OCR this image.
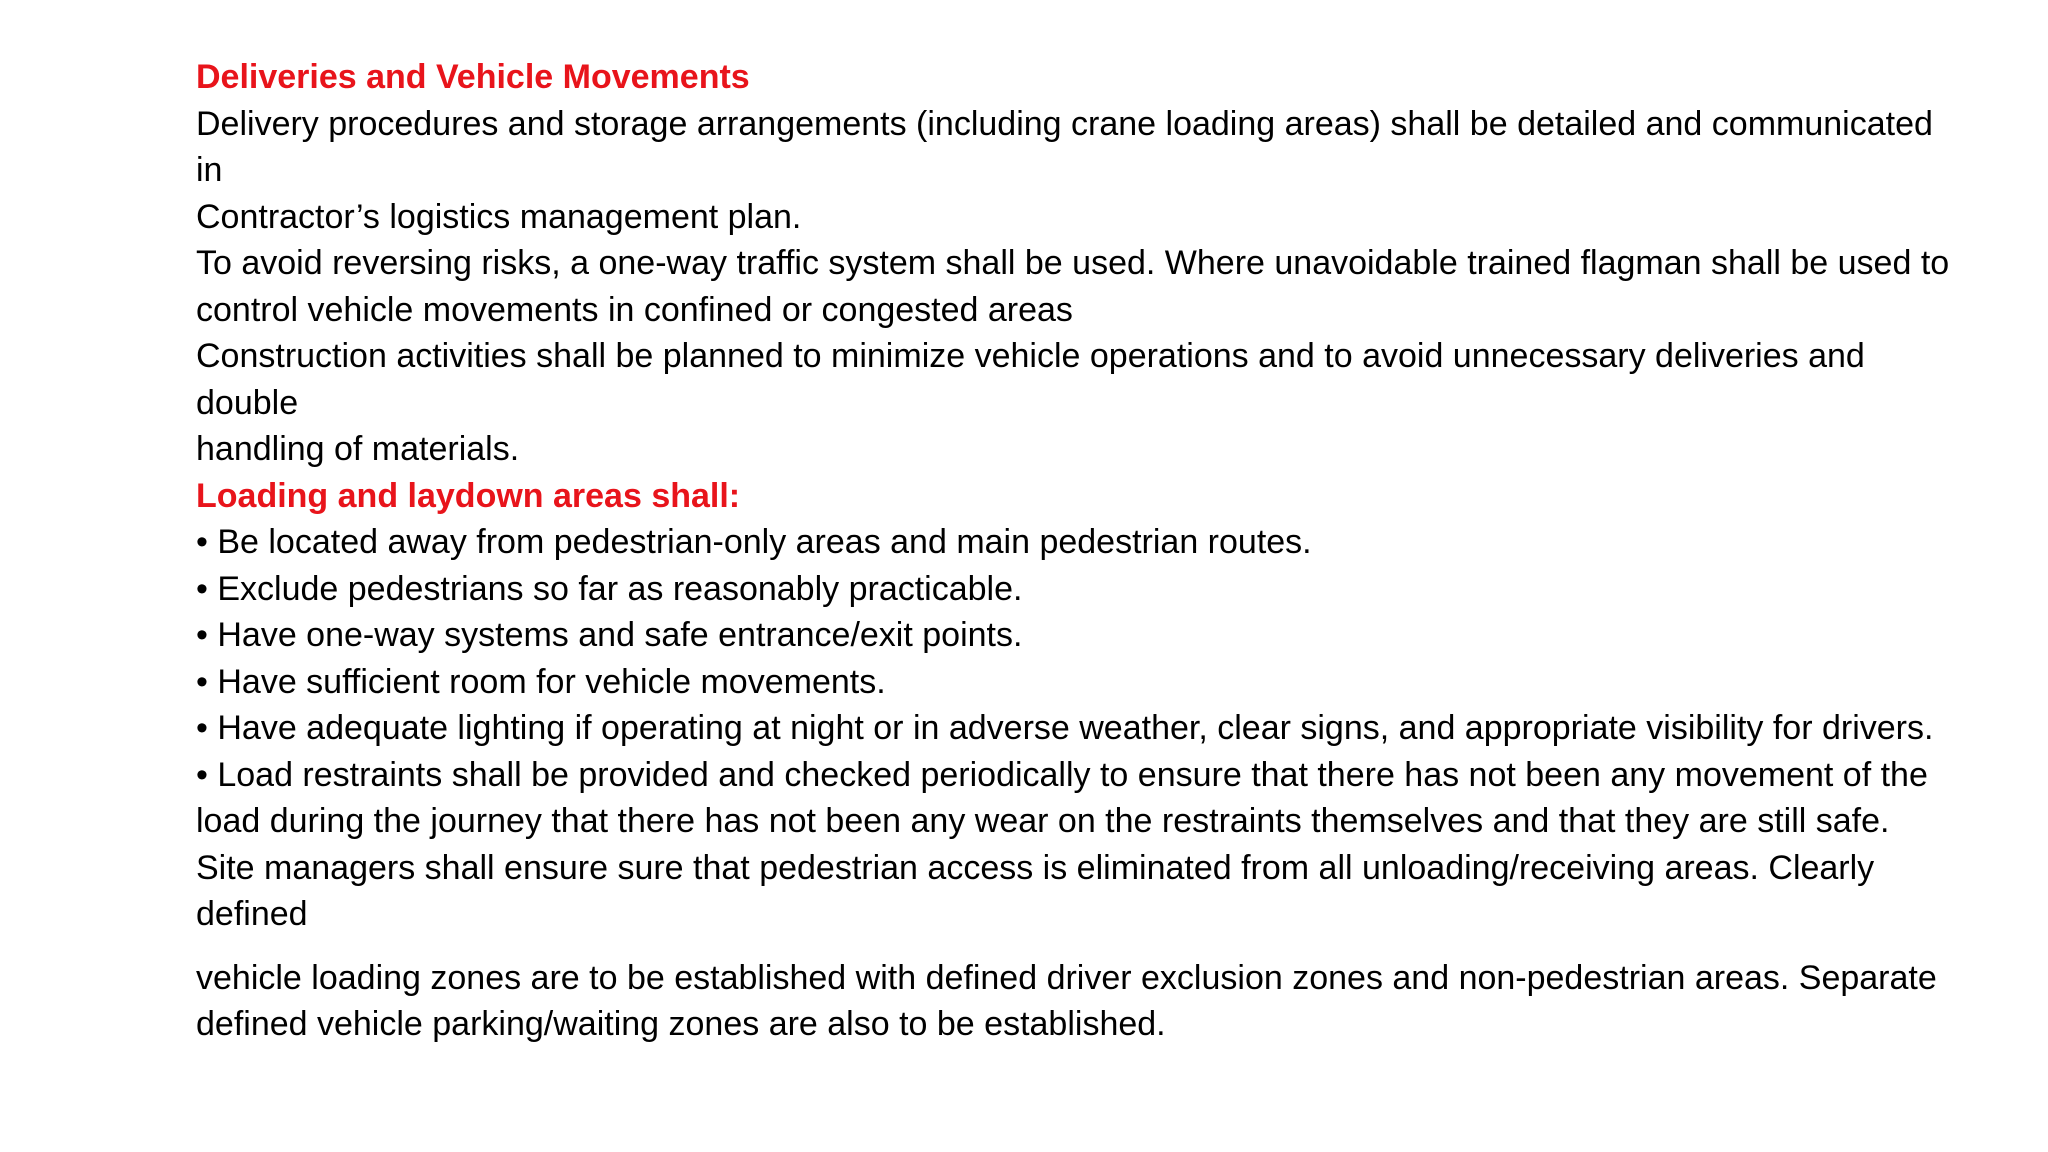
Deliveries and Vehicle Movements
Delivery procedures and storage arrangements (including crane loading areas) shall be detailed and communicated
in
Contractor’s logistics management plan.
To avoid reversing risks, a one-way traffic system shall be used. Where unavoidable trained flagman shall be used to
control vehicle movements in confined or congested areas
Construction activities shall be planned to minimize vehicle operations and to avoid unnecessary deliveries and
double
handling of materials.
Loading and laydown areas shall:
• Be located away from pedestrian-only areas and main pedestrian routes.
• Exclude pedestrians so far as reasonably practicable.
• Have one-way systems and safe entrance/exit points.
• Have sufficient room for vehicle movements.
• Have adequate lighting if operating at night or in adverse weather, clear signs, and appropriate visibility for drivers.
• Load restraints shall be provided and checked periodically to ensure that there has not been any movement of the
load during the journey that there has not been any wear on the restraints themselves and that they are still safe.
Site managers shall ensure sure that pedestrian access is eliminated from all unloading/receiving areas. Clearly
defined
vehicle loading zones are to be established with defined driver exclusion zones and non-pedestrian areas. Separate
defined vehicle parking/waiting zones are also to be established.
